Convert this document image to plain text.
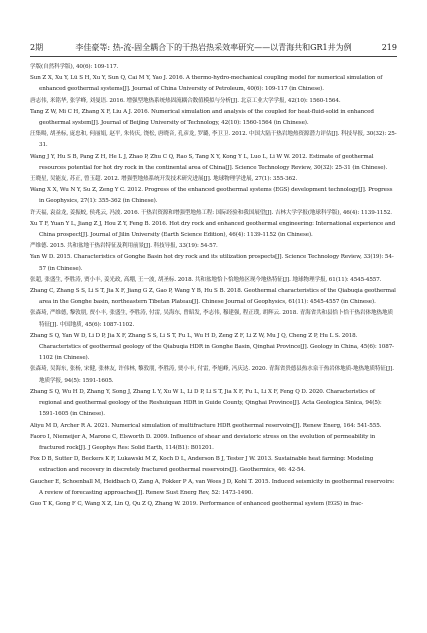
2期	李佳豪等: 热-流-固全耦合下的干热岩热采效率研究——以青海共和GR1井为例	219

学版(自然科学版), 40(6): 109-117.

Sun Z X, Xu Y, Lü S H, Xu Y, Sun Q, Cai M Y, Yao J. 2016. A thermo-hydro-mechanical coupling model for numerical simulation of enhanced geothermal systems[J]. Journal of China University of Petroleum, 40(6): 109-117 (in Chinese).

唐志伟, 米铭华, 张学峰, 刘曼语. 2016. 增强型地热系统热固流耦合数值模拟与分析[J]. 北京工业大学学报, 42(10): 1560-1564.

Tang Z W, Mi C H, Zhang X F, Liu A J. 2016. Numerical simulation and analysis of the coupled for heat-fluid-solid in enhanced geothermal system[J]. Journal of Beijing University of Technology, 42(10): 1560-1564 (in Chinese).

汪集暘, 胡圣标, 庞忠和, 何丽娟, 赵平, 朱传庆, 饶松, 唐晓音, 孔彦龙, 罗璐, 李卫卫. 2012. 中国大陆干热岩地热资源潜力评估[J]. 科技导报, 30(32): 25-31.

Wang J Y, Hu S B, Pang Z H, He L J, Zhao P, Zhu C Q, Rao S, Tang X Y, Kong Y L, Luo L, Li W W. 2012. Estimate of geothermal resources potential for hot dry rock in the continental area of China[J]. Science Technology Review, 30(32): 25-31 (in Chinese).

王晓星, 吴能友, 苏正, 曾玉超. 2012. 增强型地热系统开发技术研究进展[J]. 地球物理学进展, 27(1): 355-362.

Wang X X, Wu N Y, Su Z, Zeng Y C. 2012. Progress of the enhanced geothermal systems (EGS) development technology[J]. Progress in Geophysics, 27(1): 355-362 (in Chinese).

许天福, 袁益龙, 姜振蛟, 侯兆云, 冯波. 2016. 干热岩资源和增强型地热工程: 国际经验和我国展望[J]. 吉林大学学报(地球科学版), 46(4): 1139-1152.

Xu T F, Yuan Y L, Jiang Z J, Hou Z Y, Feng B. 2016. Hot dry rock and enhanced geothermal engineering: International experience and China prospect[J]. Journal of Jilin University (Earth Science Edition), 46(4): 1139-1152 (in Chinese).

严维德. 2015. 共和盆地干热岩特征及利用前景[J]. 科技导报, 33(19): 54-57.

Yan W D. 2015. Characteristics of Gonghe Basin hot dry rock and its utilization prospects[J]. Science Technology Review, 33(19): 54-57 (in Chinese).

张超, 张盛生, 李胜涛, 贾小丰, 姜光政, 高堋, 王一波, 胡圣标. 2018. 共和盆地恰卜恰地热区现今地热特征[J]. 地球物理学报, 61(11): 4545-4557.

Zhang C, Zhang S S, Li S T, Jia X F, Jiang G Z, Gao P, Wang Y B, Hu S B. 2018. Geothermal characteristics of the Qiabuqia geothermal area in the Gonghe basin, northeastern Tibetan Plateau[J]. Chinese Journal of Geophysics, 61(11): 4545-4557 (in Chinese).

张森琦, 严维德, 黎敦朋, 贾小丰, 张盛生, 李胜涛, 付雷, 吴海东, 曾昭发, 李志伟, 穆建强, 程正璞, 胡辉云. 2018. 青海省共和县恰卜恰干热岩体地热地质特征[J]. 中国地质, 45(6): 1087-1102.

Zhang S Q, Yan W D, Li D P, Jia X F, Zhang S S, Li S T, Fu L, Wu H D, Zeng Z F, Li Z W, Mu J Q, Cheng Z P, Hu L S. 2018. Characteristics of geothermal geology of the Qiabuqia HDR in Gonghe Basin, Qinghai Province[J]. Geology in China, 45(6): 1087-1102 (in Chinese).

张森琦, 吴海东, 张杨, 宋健, 张林友, 许伟林, 黎敦朋, 李胜涛, 贾小丰, 付雷, 李旭峰, 冯庆达. 2020. 青海省贵德县热水泉干热岩体地质-地热地质特征[J]. 地质学报, 94(5): 1591-1605.

Zhang S Q, Wu H D, Zhang Y, Song J, Zhang L Y, Xu W L, Li D P, Li S T, Jia X F, Fu L, Li X F, Feng Q D. 2020. Characteristics of regional and geothermal geology of the Reshuiquan HDR in Guide County, Qinghai Province[J]. Acta Geologica Sinica, 94(5): 1591-1605 (in Chinese).

Aliyu M D, Archer R A. 2021. Numerical simulation of multifracture HDR geothermal reservoirs[J]. Renew Energ, 164: 541-555.

Faoro I, Niemeijer A, Marone C, Elsworth D. 2009. Influence of shear and deviatoric stress on the evolution of permeability in fractured rock[J]. J Geophys Res: Solid Earth, 114(B1): B01201.

Fox D B, Sutter D, Beckers K F, Lukawski M Z, Koch D L, Anderson B J, Tester J W. 2013. Sustainable heat farming: Modeling extraction and recovery in discretely fractured geothermal reservoirs[J]. Geothermics, 46: 42-54.

Gaucher E, Schoenball M, Heidbach O, Zang A, Fokker P A, van Wees J D, Kohl T. 2015. Induced seismicity in geothermal reservoirs: A review of forecasting approaches[J]. Renew Sust Energ Rev, 52: 1473-1490.

Guo T K, Gong F C, Wang X Z, Lin Q, Qu Z Q, Zhang W. 2019. Performance of enhanced geothermal system (EGS) in frac-
